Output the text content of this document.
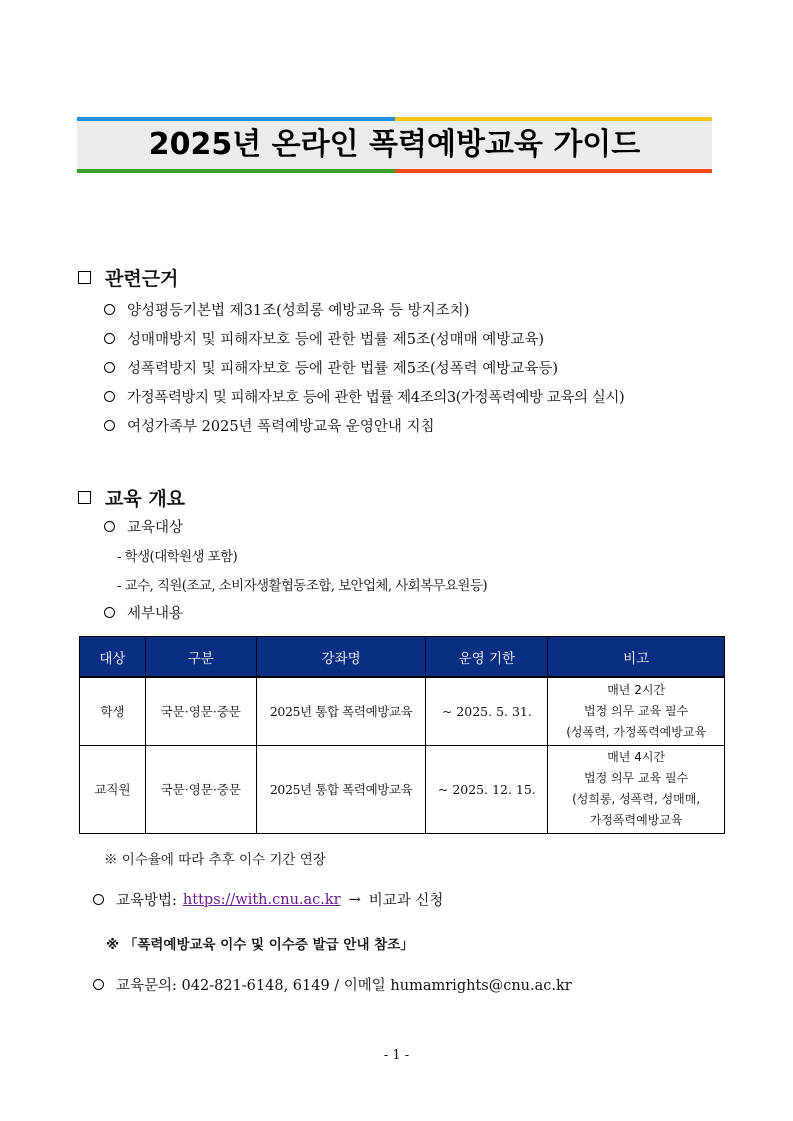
2025년 온라인 폭력예방교육 가이드
관련근거
양성평등기본법 제31조(성희롱 예방교육 등 방지조치)
성매매방지 및 피해자보호 등에 관한 법률 제5조(성매매 예방교육)
성폭력방지 및 피해자보호 등에 관한 법률 제5조(성폭력 예방교육등)
가정폭력방지 및 피해자보호 등에 관한 법률 제4조의3(가정폭력예방 교육의 실시)
여성가족부 2025년 폭력예방교육 운영안내 지침
교육 개요
교육대상
- 학생(대학원생 포함)
- 교수, 직원(조교, 소비자생활협동조합, 보안업체, 사회복무요원등)
세부내용
대상	구분	강좌명	운영 기한	비고
학생	국문·영문·중문	2025년 통합 폭력예방교육	~ 2025. 5. 31.	매년 2시간
법정 의무 교육 필수
(성폭력, 가정폭력예방교육

교직원	국문·영문·중문	2025년 통합 폭력예방교육	~ 2025. 12. 15.	매년 4시간
법정 의무 교육 필수
(성희롱, 성폭력, 성매매,
가정폭력예방교육
※ 이수율에 따라 추후 이수 기간 연장
교육방법: https://with.cnu.ac.kr → 비교과 신청
※ 「폭력예방교육 이수 및 이수증 발급 안내 참조」
교육문의: 042-821-6148, 6149 / 이메일 humamrights@cnu.ac.kr
- 1 -
